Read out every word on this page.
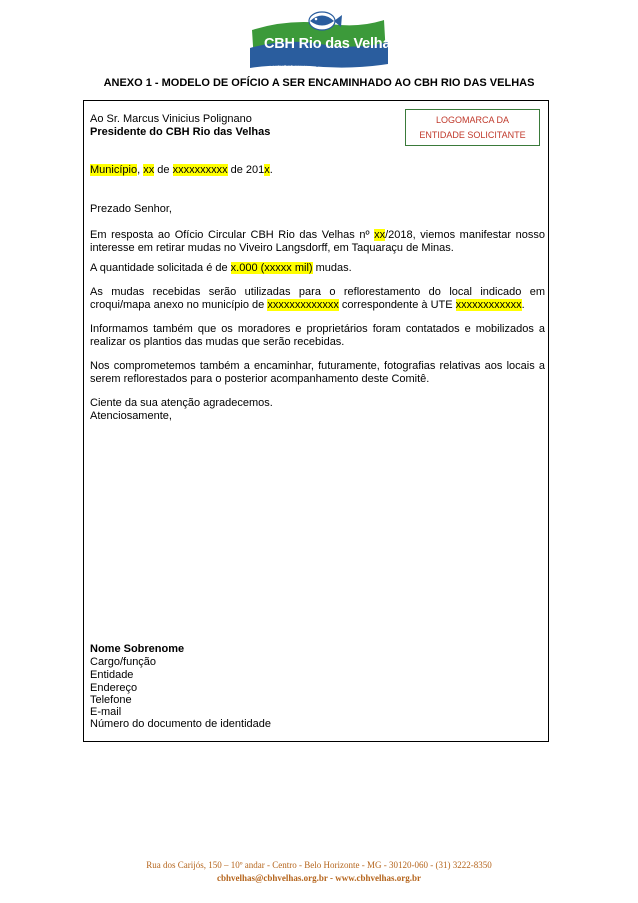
CBH Rio das Velhas
Comitê da Bacia Hidrográfica do Rio das Velhas
ANEXO 1 - MODELO DE OFÍCIO A SER ENCAMINHADO AO CBH RIO DAS VELHAS
Ao Sr. Marcus Vinicius Polignano
Presidente do CBH Rio das Velhas
LOGOMARCA DA
ENTIDADE SOLICITANTE
Município, xx de xxxxxxxxxx de 201x.
Prezado Senhor,
Em resposta ao Ofício Circular CBH Rio das Velhas nº xx/2018, viemos manifestar nosso interesse em retirar mudas no Viveiro Langsdorff, em Taquaraçu de Minas.
A quantidade solicitada é de x.000 (xxxxx mil) mudas.
As mudas recebidas serão utilizadas para o reflorestamento do local indicado em croqui/mapa anexo no município de xxxxxxxxxxxxx correspondente à UTE xxxxxxxxxxxx.
Informamos também que os moradores e proprietários foram contatados e mobilizados a realizar os plantios das mudas que serão recebidas.
Nos comprometemos também a encaminhar, futuramente, fotografias relativas aos locais a serem reflorestados para o posterior acompanhamento deste Comitê.
Ciente da sua atenção agradecemos.
Atenciosamente,
Nome Sobrenome
Cargo/função
Entidade
Endereço
Telefone
E-mail
Número do documento de identidade
Rua dos Carijós, 150 – 10º andar - Centro - Belo Horizonte - MG - 30120-060 - (31) 3222-8350
cbhvelhas@cbhvelhas.org.br - www.cbhvelhas.org.br
